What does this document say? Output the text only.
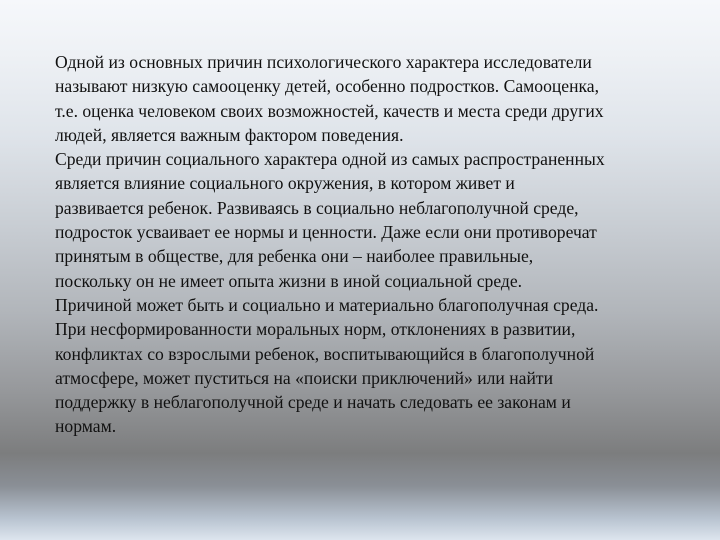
Одной из основных причин психологического характера исследователи
называют низкую самооценку детей, особенно подростков. Самооценка,
т.е. оценка человеком своих возможностей, качеств и места среди других
людей, является важным фактором поведения.

Среди причин социального характера одной из самых распространенных
является влияние социального окружения, в котором живет и
развивается ребенок. Развиваясь в социально неблагополучной среде,
подросток усваивает ее нормы и ценности. Даже если они противоречат
принятым в обществе, для ребенка они – наиболее правильные,
поскольку он не имеет опыта жизни в иной социальной среде.

Причиной может быть и социально и материально благополучная среда.
При несформированности моральных норм, отклонениях в развитии,
конфликтах со взрослыми ребенок, воспитывающийся в благополучной
атмосфере, может пуститься на «поиски приключений» или найти
поддержку в неблагополучной среде и начать следовать ее законам и
нормам.
